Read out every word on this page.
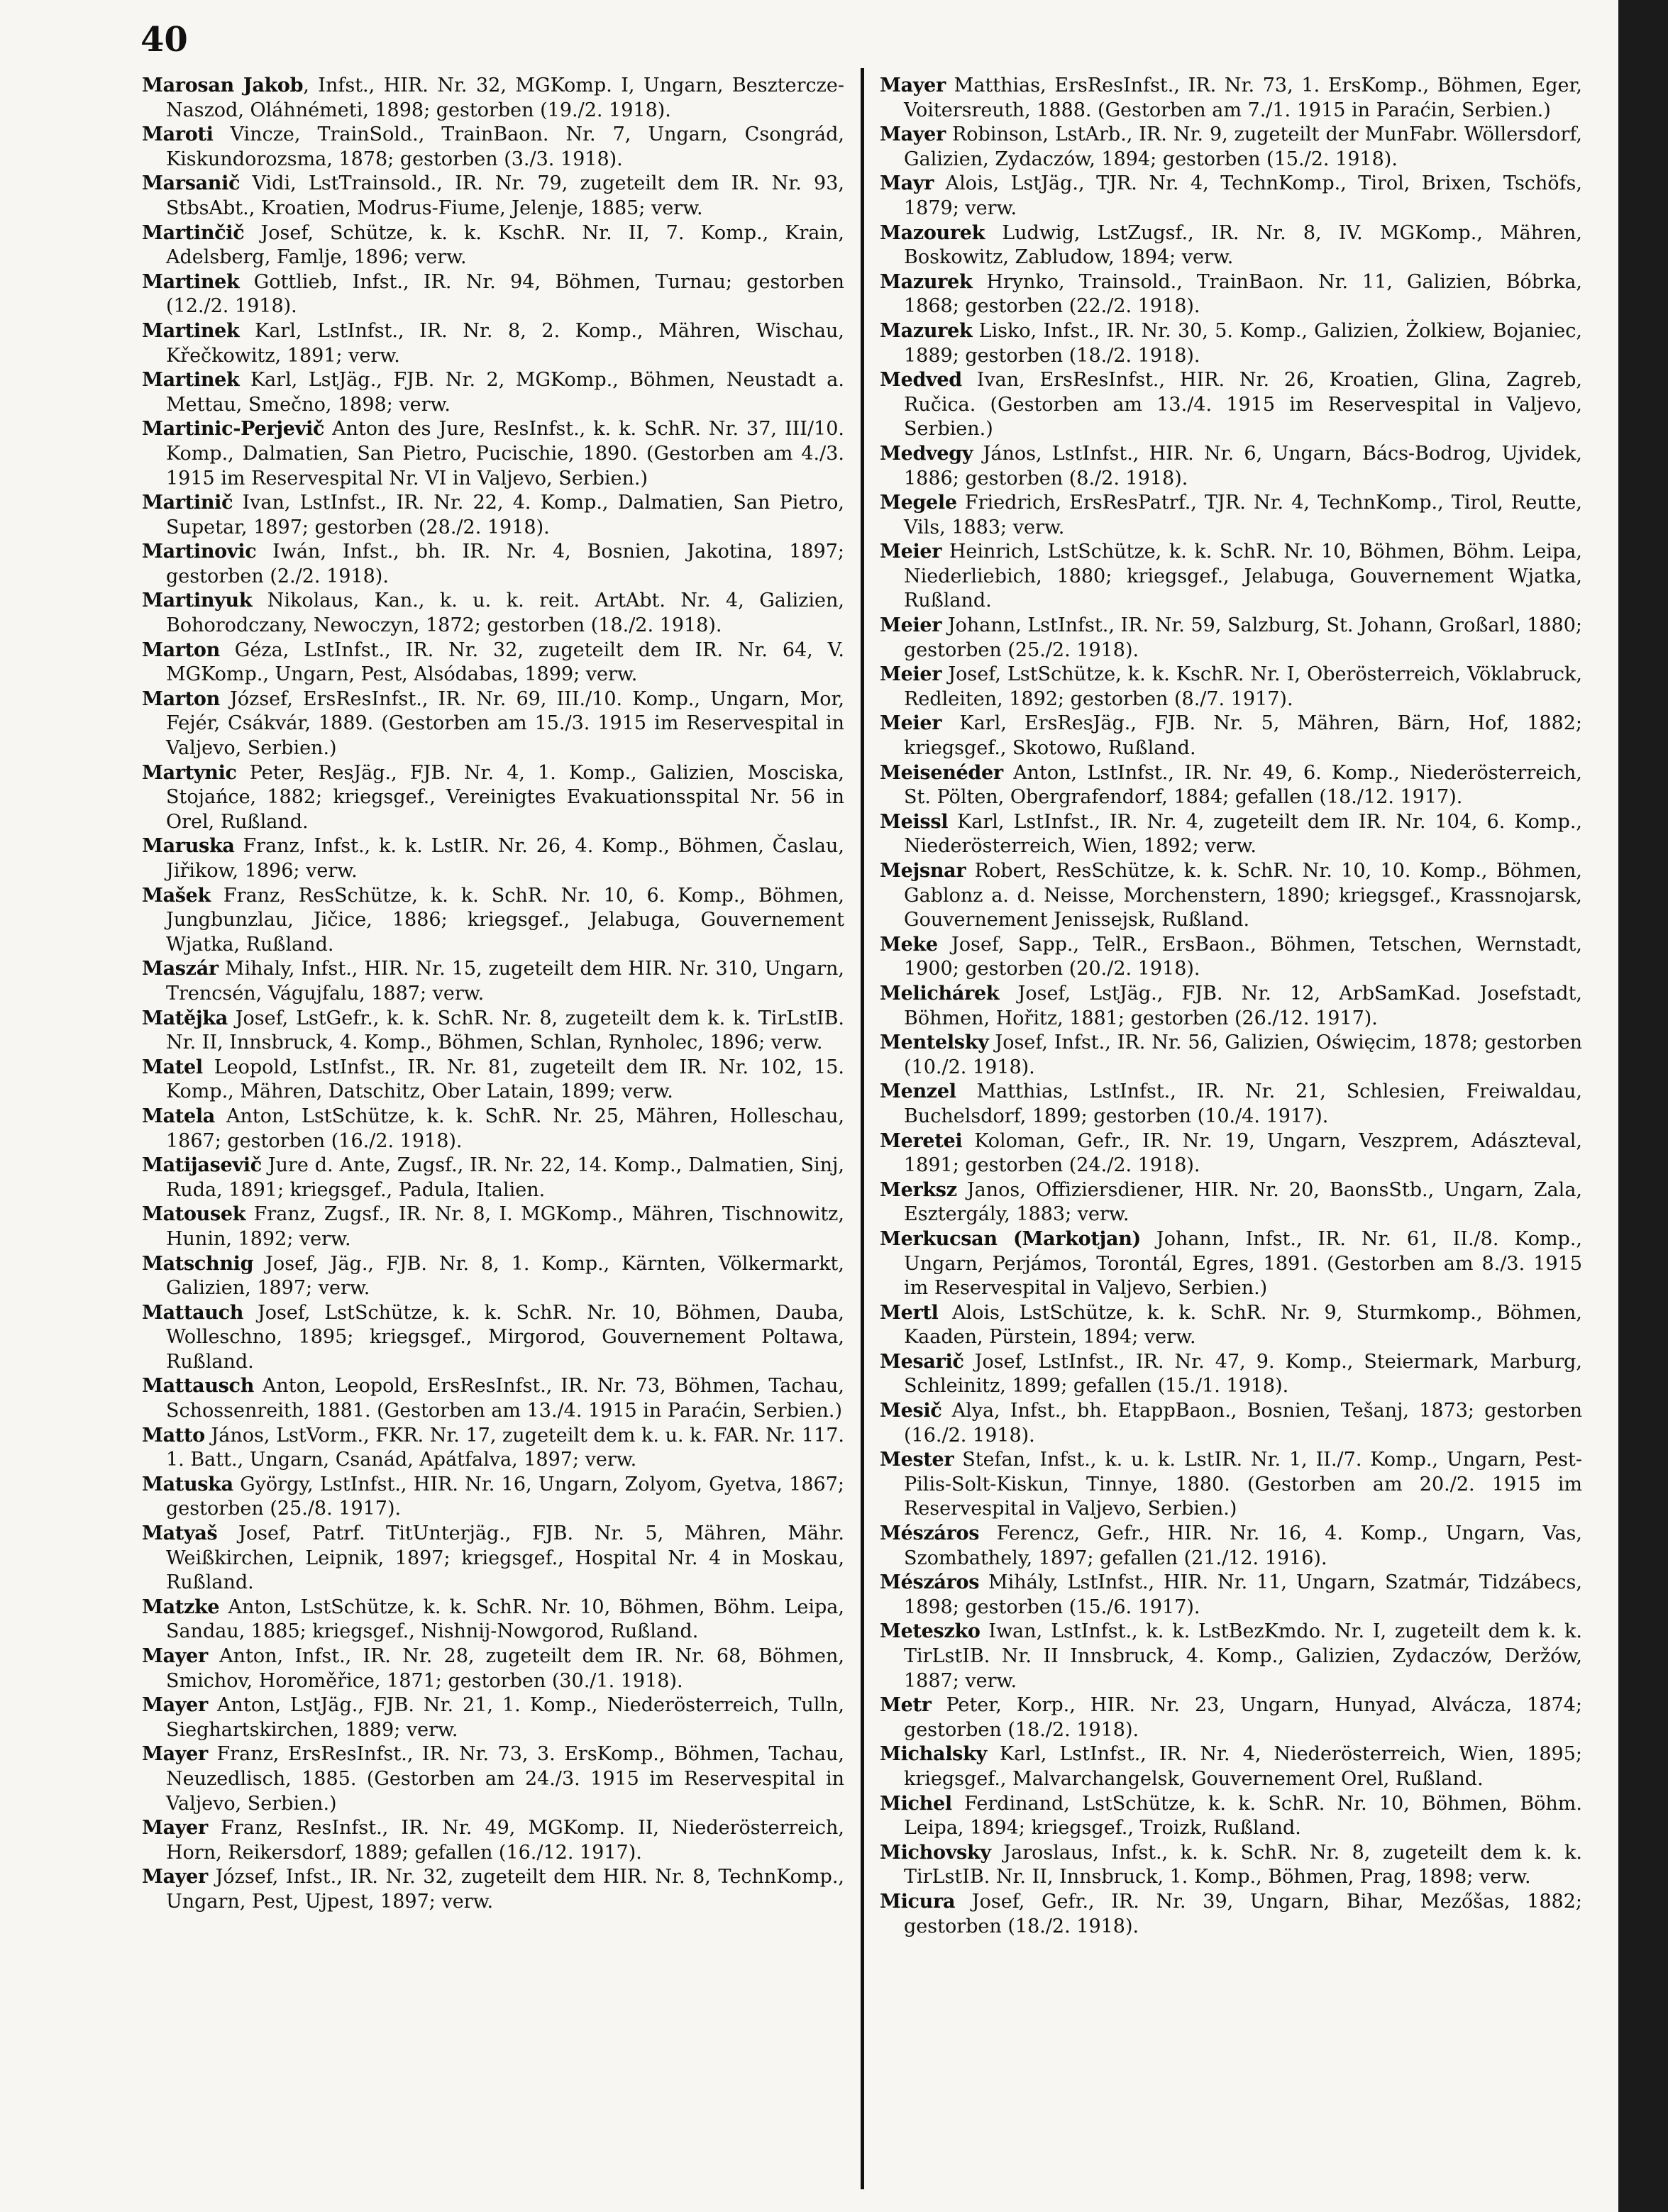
40

Marosan Jakob, Infst., HIR. Nr. 32, MGKomp. I, Ungarn, Besztercze-Naszod, Oláhnémeti, 1898; gestorben (19./2. 1918).

Maroti Vincze, TrainSold., TrainBaon. Nr. 7, Ungarn, Csongrád, Kiskundorozsma, 1878; gestorben (3./3. 1918).

Marsanič Vidi, LstTrainsold., IR. Nr. 79, zugeteilt dem IR. Nr. 93, StbsAbt., Kroatien, Modrus-Fiume, Jelenje, 1885; verw.

Martinčič Josef, Schütze, k. k. KschR. Nr. II, 7. Komp., Krain, Adelsberg, Famlje, 1896; verw.

Martinek Gottlieb, Infst., IR. Nr. 94, Böhmen, Turnau; gestorben (12./2. 1918).

Martinek Karl, LstInfst., IR. Nr. 8, 2. Komp., Mähren, Wischau, Křečkowitz, 1891; verw.

Martinek Karl, LstJäg., FJB. Nr. 2, MGKomp., Böhmen, Neustadt a. Mettau, Smečno, 1898; verw.

Martinic-Perjevič Anton des Jure, ResInfst., k. k. SchR. Nr. 37, III/10. Komp., Dalmatien, San Pietro, Pucischie, 1890. (Gestorben am 4./3. 1915 im Reservespital Nr. VI in Valjevo, Serbien.)

Martinič Ivan, LstInfst., IR. Nr. 22, 4. Komp., Dalmatien, San Pietro, Supetar, 1897; gestorben (28./2. 1918).

Martinovic Iwán, Infst., bh. IR. Nr. 4, Bosnien, Jakotina, 1897; gestorben (2./2. 1918).

Martinyuk Nikolaus, Kan., k. u. k. reit. ArtAbt. Nr. 4, Galizien, Bohorodczany, Newoczyn, 1872; gestorben (18./2. 1918).

Marton Géza, LstInfst., IR. Nr. 32, zugeteilt dem IR. Nr. 64, V. MGKomp., Ungarn, Pest, Alsódabas, 1899; verw.

Marton József, ErsResInfst., IR. Nr. 69, III./10. Komp., Ungarn, Mor, Fejér, Csákvár, 1889. (Gestorben am 15./3. 1915 im Reservespital in Valjevo, Serbien.)

Martynic Peter, ResJäg., FJB. Nr. 4, 1. Komp., Galizien, Mosciska, Stojańce, 1882; kriegsgef., Vereinigtes Evakuationsspital Nr. 56 in Orel, Rußland.

Maruska Franz, Infst., k. k. LstIR. Nr. 26, 4. Komp., Böhmen, Časlau, Jiřikow, 1896; verw.

Mašek Franz, ResSchütze, k. k. SchR. Nr. 10, 6. Komp., Böhmen, Jungbunzlau, Jičice, 1886; kriegsgef., Jelabuga, Gouvernement Wjatka, Rußland.

Maszár Mihaly, Infst., HIR. Nr. 15, zugeteilt dem HIR. Nr. 310, Ungarn, Trencsén, Vágujfalu, 1887; verw.

Matějka Josef, LstGefr., k. k. SchR. Nr. 8, zugeteilt dem k. k. TirLstIB. Nr. II, Innsbruck, 4. Komp., Böhmen, Schlan, Rynholec, 1896; verw.

Matel Leopold, LstInfst., IR. Nr. 81, zugeteilt dem IR. Nr. 102, 15. Komp., Mähren, Datschitz, Ober Latain, 1899; verw.

Matela Anton, LstSchütze, k. k. SchR. Nr. 25, Mähren, Holleschau, 1867; gestorben (16./2. 1918).

Matijasevič Jure d. Ante, Zugsf., IR. Nr. 22, 14. Komp., Dalmatien, Sinj, Ruda, 1891; kriegsgef., Padula, Italien.

Matousek Franz, Zugsf., IR. Nr. 8, I. MGKomp., Mähren, Tischnowitz, Hunin, 1892; verw.

Matschnig Josef, Jäg., FJB. Nr. 8, 1. Komp., Kärnten, Völkermarkt, Galizien, 1897; verw.

Mattauch Josef, LstSchütze, k. k. SchR. Nr. 10, Böhmen, Dauba, Wolleschno, 1895; kriegsgef., Mirgorod, Gouvernement Poltawa, Rußland.

Mattausch Anton, Leopold, ErsResInfst., IR. Nr. 73, Böhmen, Tachau, Schossenreith, 1881. (Gestorben am 13./4. 1915 in Paraćin, Serbien.)

Matto János, LstVorm., FKR. Nr. 17, zugeteilt dem k. u. k. FAR. Nr. 117. 1. Batt., Ungarn, Csanád, Apátfalva, 1897; verw.

Matuska György, LstInfst., HIR. Nr. 16, Ungarn, Zolyom, Gyetva, 1867; gestorben (25./8. 1917).

Matyaš Josef, Patrf. TitUnterjäg., FJB. Nr. 5, Mähren, Mähr. Weißkirchen, Leipnik, 1897; kriegsgef., Hospital Nr. 4 in Moskau, Rußland.

Matzke Anton, LstSchütze, k. k. SchR. Nr. 10, Böhmen, Böhm. Leipa, Sandau, 1885; kriegsgef., Nishnij-Nowgorod, Rußland.

Mayer Anton, Infst., IR. Nr. 28, zugeteilt dem IR. Nr. 68, Böhmen, Smichov, Horoměřice, 1871; gestorben (30./1. 1918).

Mayer Anton, LstJäg., FJB. Nr. 21, 1. Komp., Niederösterreich, Tulln, Sieghartskirchen, 1889; verw.

Mayer Franz, ErsResInfst., IR. Nr. 73, 3. ErsKomp., Böhmen, Tachau, Neuzedlisch, 1885. (Gestorben am 24./3. 1915 im Reservespital in Valjevo, Serbien.)

Mayer Franz, ResInfst., IR. Nr. 49, MGKomp. II, Niederösterreich, Horn, Reikersdorf, 1889; gefallen (16./12. 1917).

Mayer József, Infst., IR. Nr. 32, zugeteilt dem HIR. Nr. 8, TechnKomp., Ungarn, Pest, Ujpest, 1897; verw.

Mayer Matthias, ErsResInfst., IR. Nr. 73, 1. ErsKomp., Böhmen, Eger, Voitersreuth, 1888. (Gestorben am 7./1. 1915 in Paraćin, Serbien.)

Mayer Robinson, LstArb., IR. Nr. 9, zugeteilt der MunFabr. Wöllersdorf, Galizien, Zydaczów, 1894; gestorben (15./2. 1918).

Mayr Alois, LstJäg., TJR. Nr. 4, TechnKomp., Tirol, Brixen, Tschöfs, 1879; verw.

Mazourek Ludwig, LstZugsf., IR. Nr. 8, IV. MGKomp., Mähren, Boskowitz, Zabludow, 1894; verw.

Mazurek Hrynko, Trainsold., TrainBaon. Nr. 11, Galizien, Bóbrka, 1868; gestorben (22./2. 1918).

Mazurek Lisko, Infst., IR. Nr. 30, 5. Komp., Galizien, Żolkiew, Bojaniec, 1889; gestorben (18./2. 1918).

Medved Ivan, ErsResInfst., HIR. Nr. 26, Kroatien, Glina, Zagreb, Ručica. (Gestorben am 13./4. 1915 im Reservespital in Valjevo, Serbien.)

Medvegy János, LstInfst., HIR. Nr. 6, Ungarn, Bács-Bodrog, Ujvidek, 1886; gestorben (8./2. 1918).

Megele Friedrich, ErsResPatrf., TJR. Nr. 4, TechnKomp., Tirol, Reutte, Vils, 1883; verw.

Meier Heinrich, LstSchütze, k. k. SchR. Nr. 10, Böhmen, Böhm. Leipa, Niederliebich, 1880; kriegsgef., Jelabuga, Gouvernement Wjatka, Rußland.

Meier Johann, LstInfst., IR. Nr. 59, Salzburg, St. Johann, Großarl, 1880; gestorben (25./2. 1918).

Meier Josef, LstSchütze, k. k. KschR. Nr. I, Oberösterreich, Vöklabruck, Redleiten, 1892; gestorben (8./7. 1917).

Meier Karl, ErsResJäg., FJB. Nr. 5, Mähren, Bärn, Hof, 1882; kriegsgef., Skotowo, Rußland.

Meisenéder Anton, LstInfst., IR. Nr. 49, 6. Komp., Niederösterreich, St. Pölten, Obergrafendorf, 1884; gefallen (18./12. 1917).

Meissl Karl, LstInfst., IR. Nr. 4, zugeteilt dem IR. Nr. 104, 6. Komp., Niederösterreich, Wien, 1892; verw.

Mejsnar Robert, ResSchütze, k. k. SchR. Nr. 10, 10. Komp., Böhmen, Gablonz a. d. Neisse, Morchenstern, 1890; kriegsgef., Krassnojarsk, Gouvernement Jenissejsk, Rußland.

Meke Josef, Sapp., TelR., ErsBaon., Böhmen, Tetschen, Wernstadt, 1900; gestorben (20./2. 1918).

Melichárek Josef, LstJäg., FJB. Nr. 12, ArbSamKad. Josefstadt, Böhmen, Hořitz, 1881; gestorben (26./12. 1917).

Mentelsky Josef, Infst., IR. Nr. 56, Galizien, Oświęcim, 1878; gestorben (10./2. 1918).

Menzel Matthias, LstInfst., IR. Nr. 21, Schlesien, Freiwaldau, Buchelsdorf, 1899; gestorben (10./4. 1917).

Meretei Koloman, Gefr., IR. Nr. 19, Ungarn, Veszprem, Adászteval, 1891; gestorben (24./2. 1918).

Merksz Janos, Offiziersdiener, HIR. Nr. 20, BaonsStb., Ungarn, Zala, Esztergály, 1883; verw.

Merkucsan (Markotjan) Johann, Infst., IR. Nr. 61, II./8. Komp., Ungarn, Perjámos, Torontál, Egres, 1891. (Gestorben am 8./3. 1915 im Reservespital in Valjevo, Serbien.)

Mertl Alois, LstSchütze, k. k. SchR. Nr. 9, Sturmkomp., Böhmen, Kaaden, Pürstein, 1894; verw.

Mesarič Josef, LstInfst., IR. Nr. 47, 9. Komp., Steiermark, Marburg, Schleinitz, 1899; gefallen (15./1. 1918).

Mesič Alya, Infst., bh. EtappBaon., Bosnien, Tešanj, 1873; gestorben (16./2. 1918).

Mester Stefan, Infst., k. u. k. LstIR. Nr. 1, II./7. Komp., Ungarn, Pest-Pilis-Solt-Kiskun, Tinnye, 1880. (Gestorben am 20./2. 1915 im Reservespital in Valjevo, Serbien.)

Mészáros Ferencz, Gefr., HIR. Nr. 16, 4. Komp., Ungarn, Vas, Szombathely, 1897; gefallen (21./12. 1916).

Mészáros Mihály, LstInfst., HIR. Nr. 11, Ungarn, Szatmár, Tidzábecs, 1898; gestorben (15./6. 1917).

Meteszko Iwan, LstInfst., k. k. LstBezKmdo. Nr. I, zugeteilt dem k. k. TirLstIB. Nr. II Innsbruck, 4. Komp., Galizien, Zydaczów, Deržów, 1887; verw.

Metr Peter, Korp., HIR. Nr. 23, Ungarn, Hunyad, Alvácza, 1874; gestorben (18./2. 1918).

Michalsky Karl, LstInfst., IR. Nr. 4, Niederösterreich, Wien, 1895; kriegsgef., Malvarchangelsk, Gouvernement Orel, Rußland.

Michel Ferdinand, LstSchütze, k. k. SchR. Nr. 10, Böhmen, Böhm. Leipa, 1894; kriegsgef., Troizk, Rußland.

Michovsky Jaroslaus, Infst., k. k. SchR. Nr. 8, zugeteilt dem k. k. TirLstIB. Nr. II, Innsbruck, 1. Komp., Böhmen, Prag, 1898; verw.

Micura Josef, Gefr., IR. Nr. 39, Ungarn, Bihar, Mezőšas, 1882; gestorben (18./2. 1918).
